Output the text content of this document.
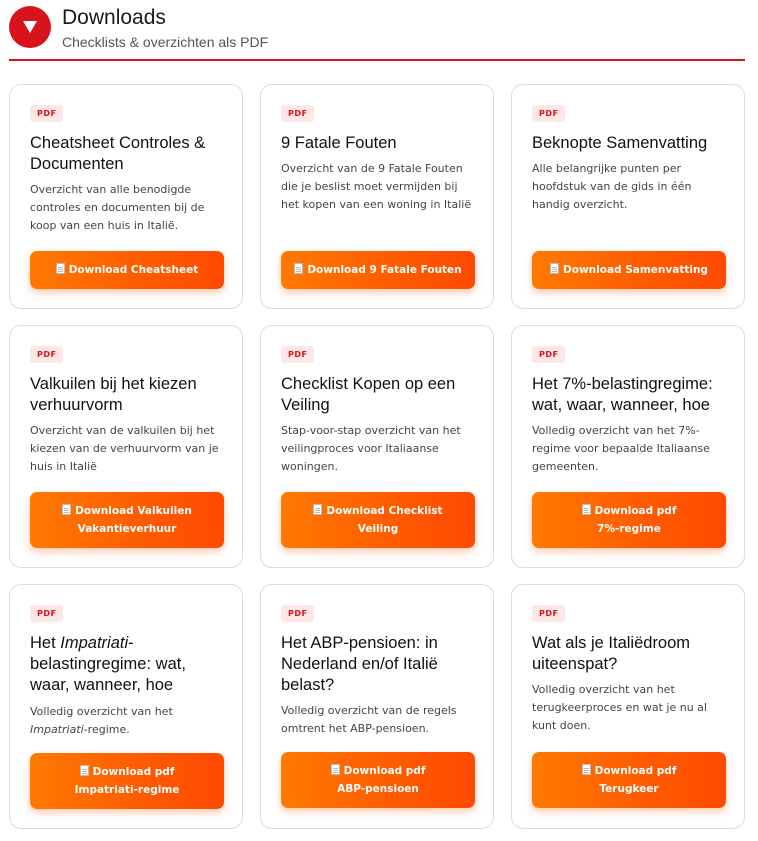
Downloads
Checklists & overzichten als PDF
PDF
Cheatsheet Controles & Documenten
Overzicht van alle benodigde controles en documenten bij de koop van een huis in Italië.
Download Cheatsheet
PDF
9 Fatale Fouten
Overzicht van de 9 Fatale Fouten die je beslist moet vermijden bij het kopen van een woning in Italië
Download 9 Fatale Fouten
PDF
Beknopte Samenvatting
Alle belangrijke punten per hoofdstuk van de gids in één handig overzicht.
Download Samenvatting
PDF
Valkuilen bij het kiezen verhuurvorm
Overzicht van de valkuilen bij het kiezen van de verhuurvorm van je huis in Italië
Download Valkuilen
Vakantieverhuur
PDF
Checklist Kopen op een Veiling
Stap-voor-stap overzicht van het veilingproces voor Italiaanse woningen.
Download Checklist
Veiling
PDF
Het 7%-belastingregime: wat, waar, wanneer, hoe
Volledig overzicht van het 7%-regime voor bepaalde Italiaanse gemeenten.
Download pdf
7%-regime
PDF
Het Impatriati-belastingregime: wat, waar, wanneer, hoe
Volledig overzicht van het Impatriati-regime.
Download pdf
Impatriati-regime
PDF
Het ABP-pensioen: in Nederland en/of Italië belast?
Volledig overzicht van de regels omtrent het ABP-pensioen.
Download pdf
ABP-pensioen
PDF
Wat als je Italiëdroom uiteenspat?
Volledig overzicht van het terugkeerproces en wat je nu al kunt doen.
Download pdf
Terugkeer
